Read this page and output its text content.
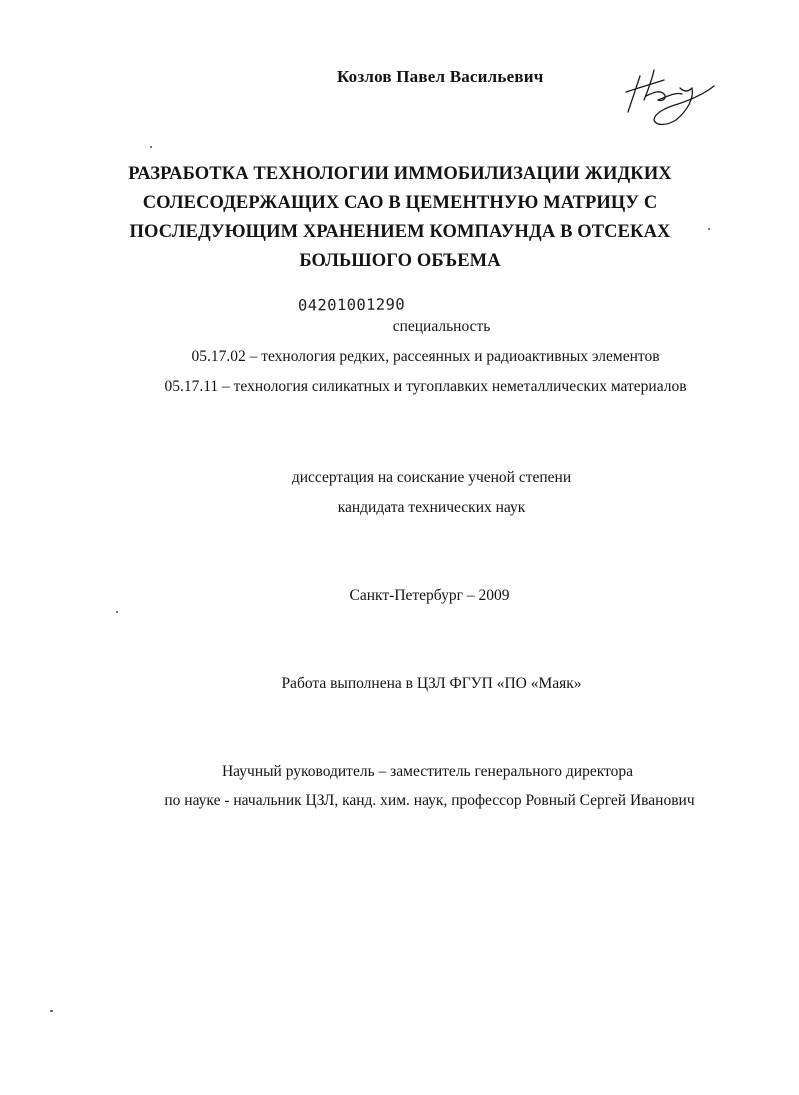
Козлов Павел Васильевич
РАЗРАБОТКА ТЕХНОЛОГИИ ИММОБИЛИЗАЦИИ ЖИДКИХ
СОЛЕСОДЕРЖАЩИХ САО В ЦЕМЕНТНУЮ МАТРИЦУ С
ПОСЛЕДУЮЩИМ ХРАНЕНИЕМ КОМПАУНДА В ОТСЕКАХ
БОЛЬШОГО ОБЪЕМА
04201001290
специальность
05.17.02 – технология редких, рассеянных и радиоактивных элементов
05.17.11 – технология силикатных и тугоплавких неметаллических материалов
диссертация на соискание ученой степени
кандидата технических наук
Санкт-Петербург – 2009
Работа выполнена в ЦЗЛ ФГУП «ПО «Маяк»
Научный руководитель – заместитель генерального директора
по науке - начальник ЦЗЛ, канд. хим. наук, профессор Ровный Сергей Иванович
